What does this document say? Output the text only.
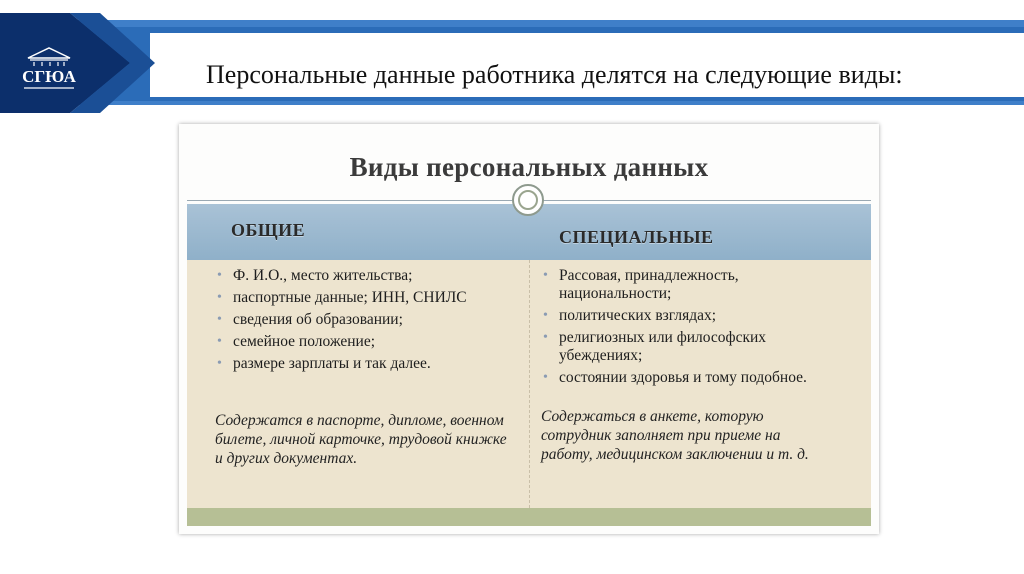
СГЮА	Персональные данные работника делятся на следующие виды:
Виды персональных данных
ОБЩИЕ	СПЕЦИАЛЬНЫЕ
• Ф. И.О., место жительства;
• паспортные данные; ИНН, СНИЛС
• сведения об образовании;
• семейное положение;
• размере зарплаты и так далее.
Содержатся в паспорте, дипломе, военном билете, личной карточке, трудовой книжке и других документах.
• Рассовая, принадлежность, национальности;
• политических взглядах;
• религиозных или философских убеждениях;
• состоянии здоровья и тому подобное.
Содержаться в анкете, которую сотрудник заполняет при приеме на работу, медицинском заключении и т. д.
